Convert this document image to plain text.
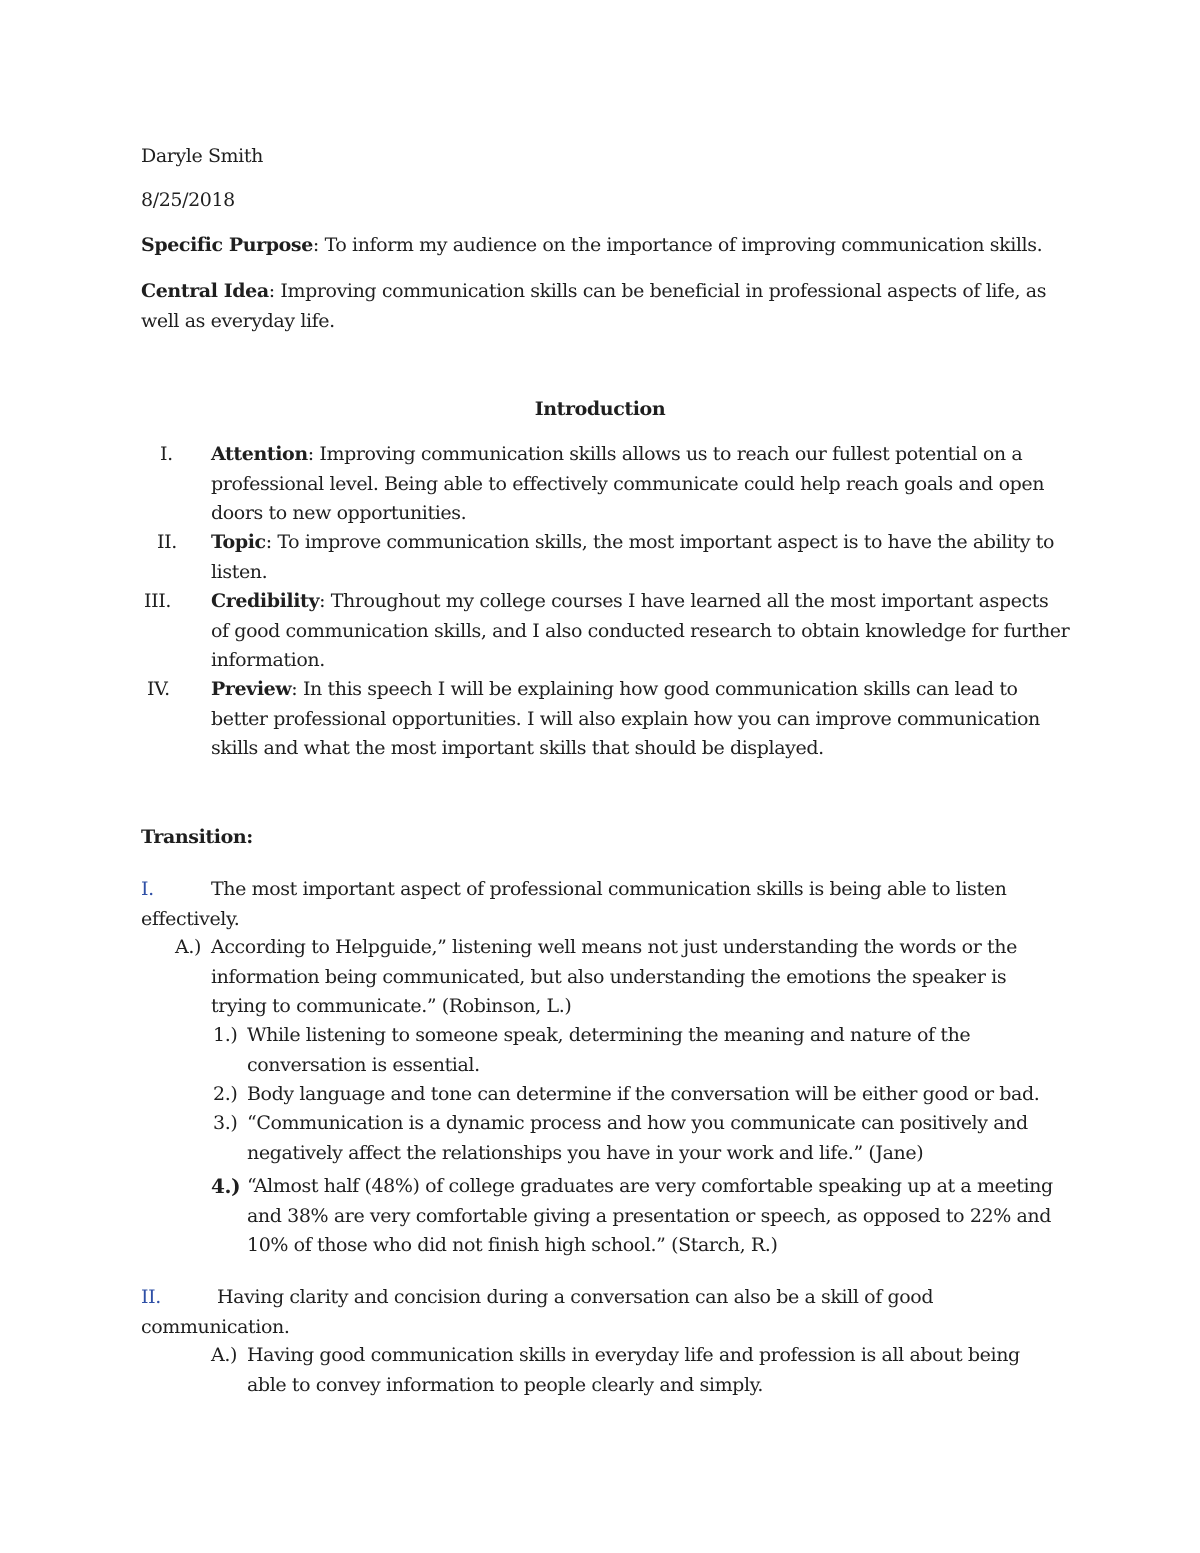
Daryle Smith
8/25/2018
Specific Purpose: To inform my audience on the importance of improving communication skills.
Central Idea: Improving communication skills can be beneficial in professional aspects of life, as well as everyday life.
Introduction
I. Attention: Improving communication skills allows us to reach our fullest potential on a professional level. Being able to effectively communicate could help reach goals and open doors to new opportunities.
II. Topic: To improve communication skills, the most important aspect is to have the ability to listen.
III. Credibility: Throughout my college courses I have learned all the most important aspects of good communication skills, and I also conducted research to obtain knowledge for further information.
IV. Preview: In this speech I will be explaining how good communication skills can lead to better professional opportunities. I will also explain how you can improve communication skills and what the most important skills that should be displayed.
Transition:
I.	The most important aspect of professional communication skills is being able to listen effectively.
A.) According to Helpguide,” listening well means not just understanding the words or the information being communicated, but also understanding the emotions the speaker is trying to communicate.” (Robinson, L.)
1.) While listening to someone speak, determining the meaning and nature of the conversation is essential.
2.) Body language and tone can determine if the conversation will be either good or bad.
3.) “Communication is a dynamic process and how you communicate can positively and negatively affect the relationships you have in your work and life.” (Jane)
4.) “Almost half (48%) of college graduates are very comfortable speaking up at a meeting and 38% are very comfortable giving a presentation or speech, as opposed to 22% and 10% of those who did not finish high school.” (Starch, R.)
II.	Having clarity and concision during a conversation can also be a skill of good communication.
A.) Having good communication skills in everyday life and profession is all about being able to convey information to people clearly and simply.
